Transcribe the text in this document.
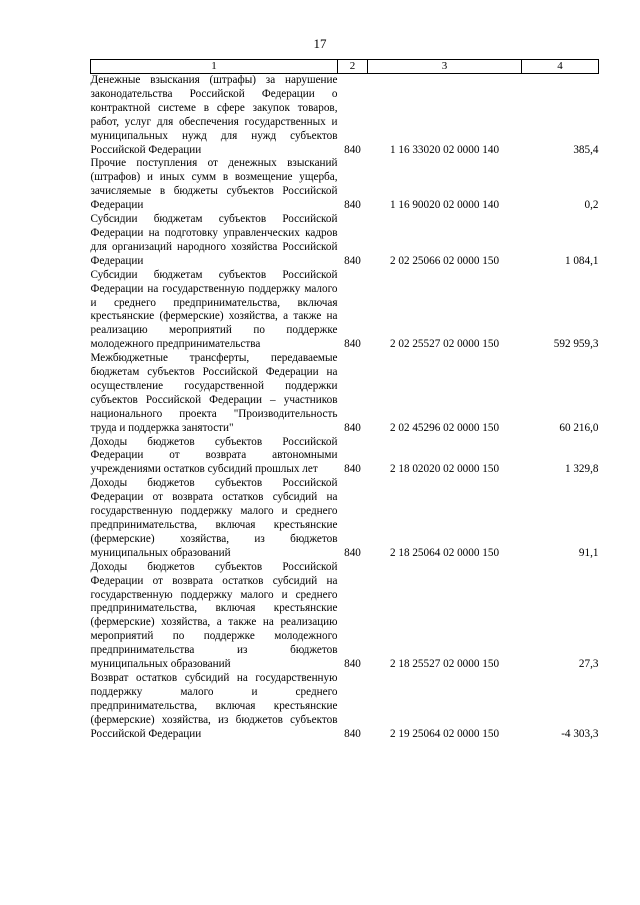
17
1	2	3	4
Денежные взыскания (штрафы) за нарушение законодательства Российской Федерации о контрактной системе в сфере закупок товаров, работ, услуг для обеспечения государственных и муниципальных нужд для нужд субъектов Российской Федерации	840	1 16 33020 02 0000 140	385,4
Прочие поступления от денежных взысканий (штрафов) и иных сумм в возмещение ущерба, зачисляемые в бюджеты субъектов Российской Федерации	840	1 16 90020 02 0000 140	0,2
Субсидии бюджетам субъектов Российской Федерации на подготовку управленческих кадров для организаций народного хозяйства Российской Федерации	840	2 02 25066 02 0000 150	1 084,1
Субсидии бюджетам субъектов Российской Федерации на государственную поддержку малого и среднего предпринимательства, включая крестьянские (фермерские) хозяйства, а также на реализацию мероприятий по поддержке молодежного предпринимательства	840	2 02 25527 02 0000 150	592 959,3
Межбюджетные трансферты, передаваемые бюджетам субъектов Российской Федерации на осуществление государственной поддержки субъектов Российской Федерации – участников национального проекта "Производительность труда и поддержка занятости"	840	2 02 45296 02 0000 150	60 216,0
Доходы бюджетов субъектов Российской Федерации от возврата автономными учреждениями остатков субсидий прошлых лет	840	2 18 02020 02 0000 150	1 329,8
Доходы бюджетов субъектов Российской Федерации от возврата остатков субсидий на государственную поддержку малого и среднего предпринимательства, включая крестьянские (фермерские) хозяйства, из бюджетов муниципальных образований	840	2 18 25064 02 0000 150	91,1
Доходы бюджетов субъектов Российской Федерации от возврата остатков субсидий на государственную поддержку малого и среднего предпринимательства, включая крестьянские (фермерские) хозяйства, а также на реализацию мероприятий по поддержке молодежного предпринимательства из бюджетов муниципальных образований	840	2 18 25527 02 0000 150	27,3
Возврат остатков субсидий на государственную поддержку малого и среднего предпринимательства, включая крестьянские (фермерские) хозяйства, из бюджетов субъектов Российской Федерации	840	2 19 25064 02 0000 150	-4 303,3
